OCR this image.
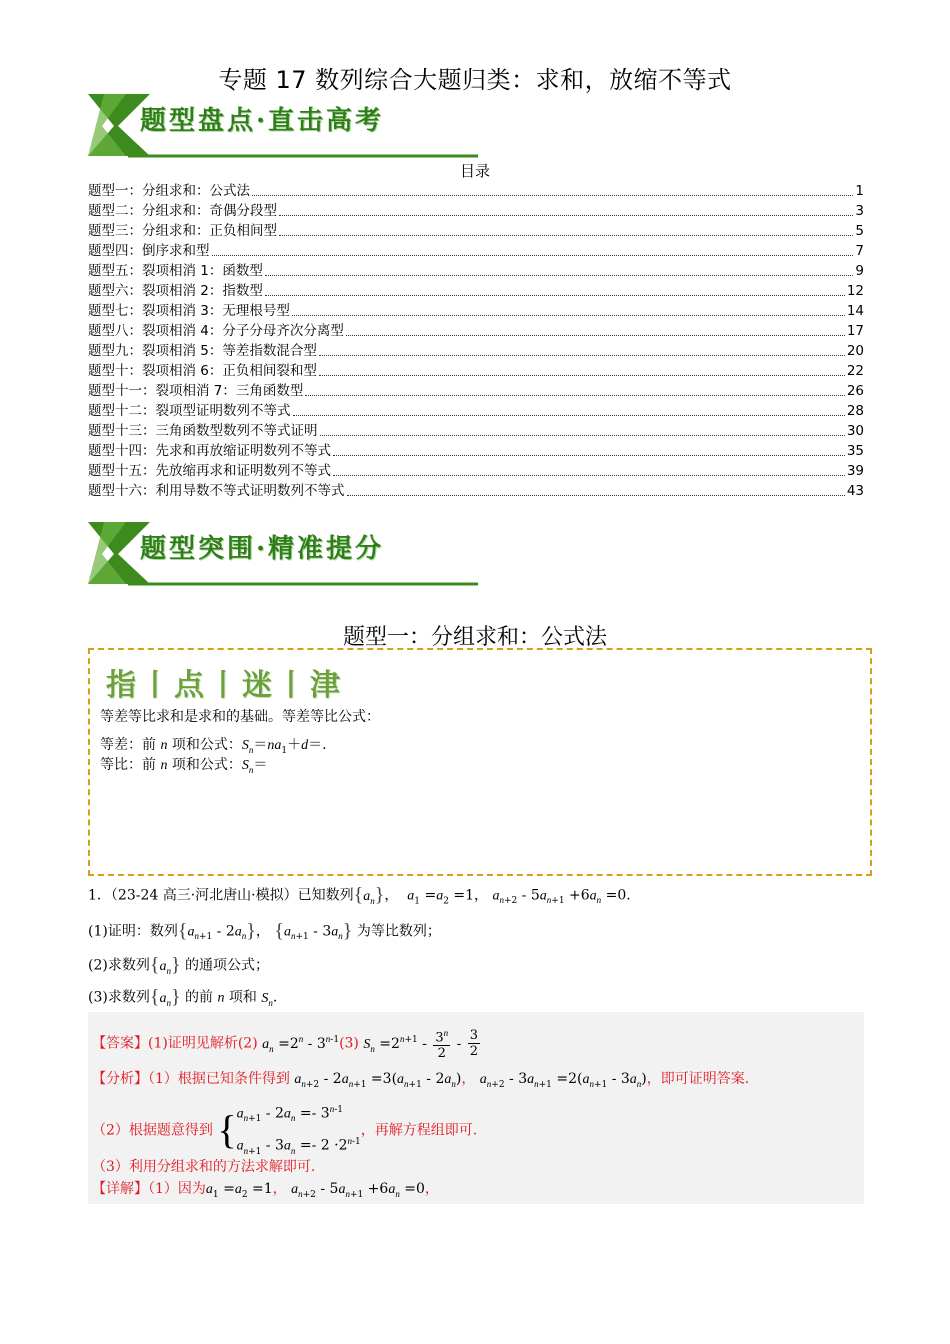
专题 17 数列综合大题归类：求和，放缩不等式
题型盘点·直击高考
目录
题型一：分组求和：公式法	1
题型二：分组求和：奇偶分段型	3
题型三：分组求和：正负相间型	5
题型四：倒序求和型	7
题型五：裂项相消 1：函数型	9
题型六：裂项相消 2：指数型	12
题型七：裂项相消 3：无理根号型	14
题型八：裂项相消 4：分子分母齐次分离型	17
题型九：裂项相消 5：等差指数混合型	20
题型十：裂项相消 6：正负相间裂和型	22
题型十一：裂项相消 7：三角函数型	26
题型十二：裂项型证明数列不等式	28
题型十三：三角函数型数列不等式证明	30
题型十四：先求和再放缩证明数列不等式	35
题型十五：先放缩再求和证明数列不等式	39
题型十六：利用导数不等式证明数列不等式	43
题型突围·精准提分
题型一：分组求和：公式法
指丨点丨迷丨津
等差等比求和是求和的基础。等差等比公式：
等差：前 n 项和公式：$S_n=na_1+d=$.
等比：前 n 项和公式：$S_n=$
1．（23-24 高三·河北唐山·模拟）已知数列$\{a_n\}$， $a_1 =a_2 =1$， $a_{n+2} - 5a_{n+1} +6a_n =0$.
(1)证明：数列$\{a_{n+1} - 2a_n\}$， $\{a_{n+1} - 3a_n\}$ 为等比数列；
(2)求数列$\{a_n\}$ 的通项公式；
(3)求数列$\{a_n\}$ 的前 n 项和 $S_n$.
【答案】(1)证明见解析(2) $a_n =2^n - 3^{n-1}(3)$ $S_n =2^{n+1} - \frac{3^n}{2} - \frac{3}{2}$
【分析】（1）根据已知条件得到 $a_{n+2} - 2a_{n+1} =3(a_{n+1} - 2a_n)$， $a_{n+2} - 3a_{n+1} =2(a_{n+1} - 3a_n)$，即可证明答案.
（2）根据题意得到 { $a_{n+1} - 2a_n =- 3^{n-1}$
$a_{n+1} - 3a_n =- 2 \cdot 2^{n-1}$
，再解方程组即可.
（3）利用分组求和的方法求解即可.
【详解】（1）因为$a_1 =a_2 =1$， $a_{n+2} - 5a_{n+1} +6a_n =0$，
